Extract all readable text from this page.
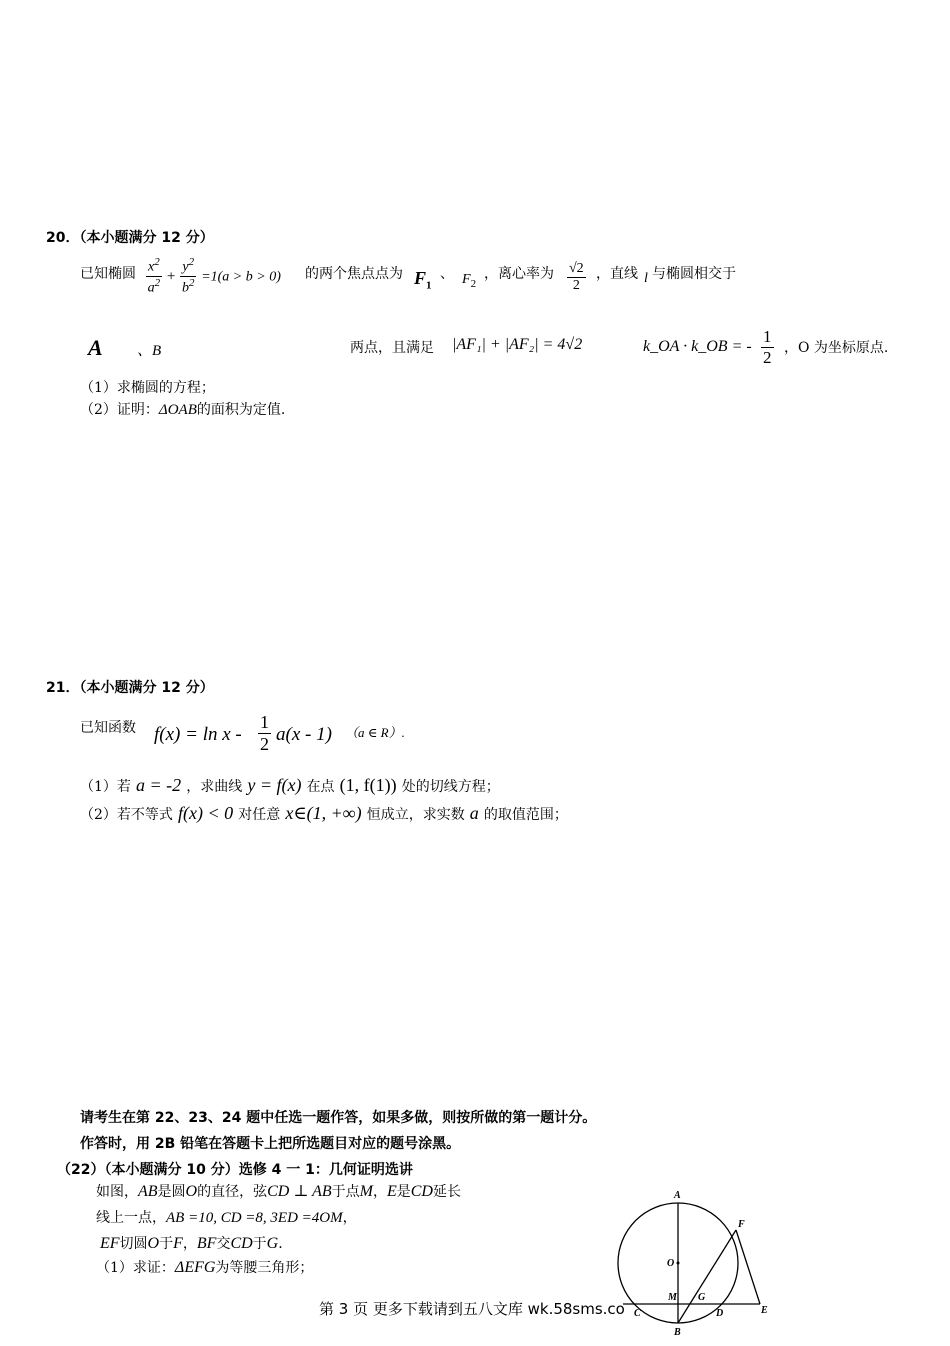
20．（本小题满分 12 分）
已知椭圆 $\frac{x^2}{a^2} + \frac{y^2}{b^2} =1(a > b > 0)$ 的两个焦点点为 $F_1$
、 $F_2$
，离心率为 $\frac{√2}{2}$ ，直线 l 与椭圆相交于
A 、B	两点，且满足 |AF₁| + |AF₂| = 4√2	k_OA · k_OB = - $\frac{1}{2}$ ，O 为坐标原点.
（1）求椭圆的方程；
（2）证明：ΔOAB的面积为定值.
21．（本小题满分 12 分）
已知函数 $f(x) = \ln x - \frac{1}{2} a(x - 1)$ （a ∈ R）.
（1）若 a = -2 ，求曲线 y = f(x) 在点 (1, f(1)) 处的切线方程；
（2）若不等式 f(x) < 0 对任意 x∈(1, +∞) 恒成立，求实数 a 的取值范围；
请考生在第 22、23、24 题中任选一题作答，如果多做，则按所做的第一题计分。
作答时，用 2B 铅笔在答题卡上把所选题目对应的题号涂黑。
（22）（本小题满分 10 分）选修 4 一 1：几何证明选讲
如图，AB是圆O的直径，弦CD ⊥ AB于点M，E是CD延长
线上一点，AB =10, CD =8, 3ED =4OM，
EF切圆O于F，BF交CD于G.
（1）求证：ΔEFG为等腰三角形；
A
F
O
M G
C
B
D	E
第 3 页 更多下载请到五八文库 wk.58sms.co
